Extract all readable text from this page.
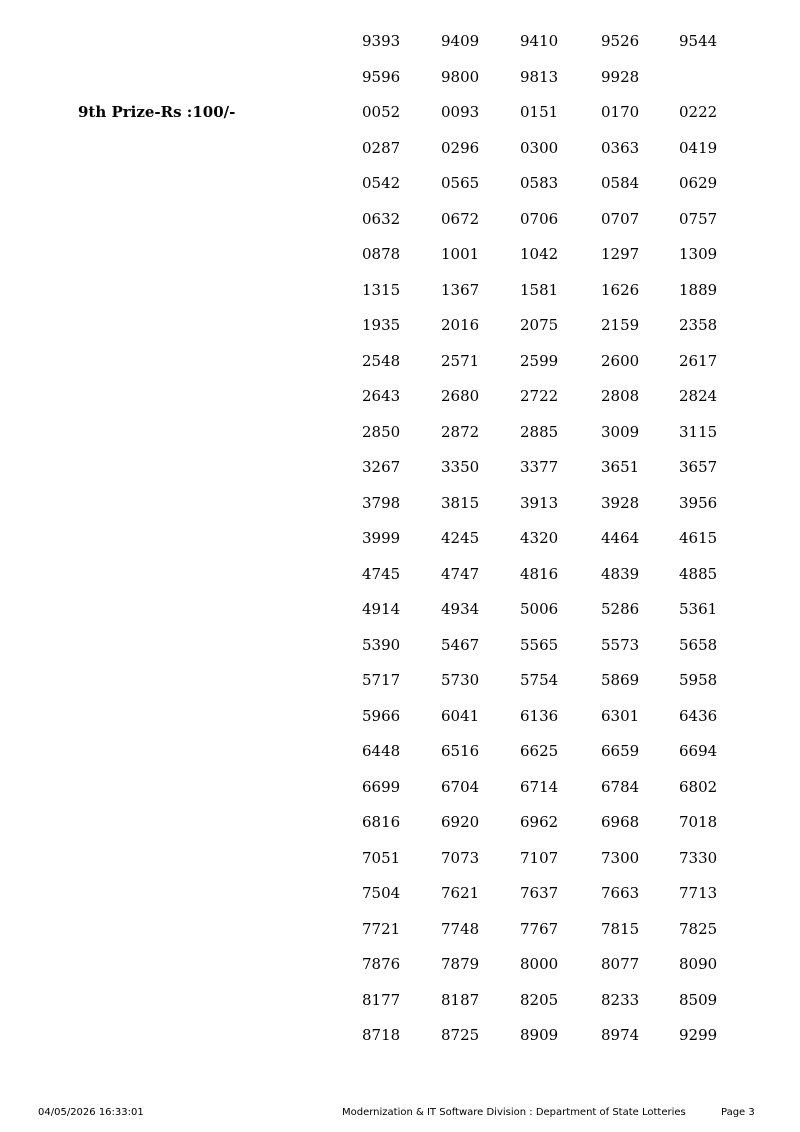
9393	9409	9410	9526	9544
9596	9800	9813	9928
9th Prize-Rs :100/-	0052	0093	0151	0170	0222
0287	0296	0300	0363	0419
0542	0565	0583	0584	0629
0632	0672	0706	0707	0757
0878	1001	1042	1297	1309
1315	1367	1581	1626	1889
1935	2016	2075	2159	2358
2548	2571	2599	2600	2617
2643	2680	2722	2808	2824
2850	2872	2885	3009	3115
3267	3350	3377	3651	3657
3798	3815	3913	3928	3956
3999	4245	4320	4464	4615
4745	4747	4816	4839	4885
4914	4934	5006	5286	5361
5390	5467	5565	5573	5658
5717	5730	5754	5869	5958
5966	6041	6136	6301	6436
6448	6516	6625	6659	6694
6699	6704	6714	6784	6802
6816	6920	6962	6968	7018
7051	7073	7107	7300	7330
7504	7621	7637	7663	7713
7721	7748	7767	7815	7825
7876	7879	8000	8077	8090
8177	8187	8205	8233	8509
8718	8725	8909	8974	9299
04/05/2026 16:33:01	Modernization & IT Software Division : Department of State Lotteries	Page 3
